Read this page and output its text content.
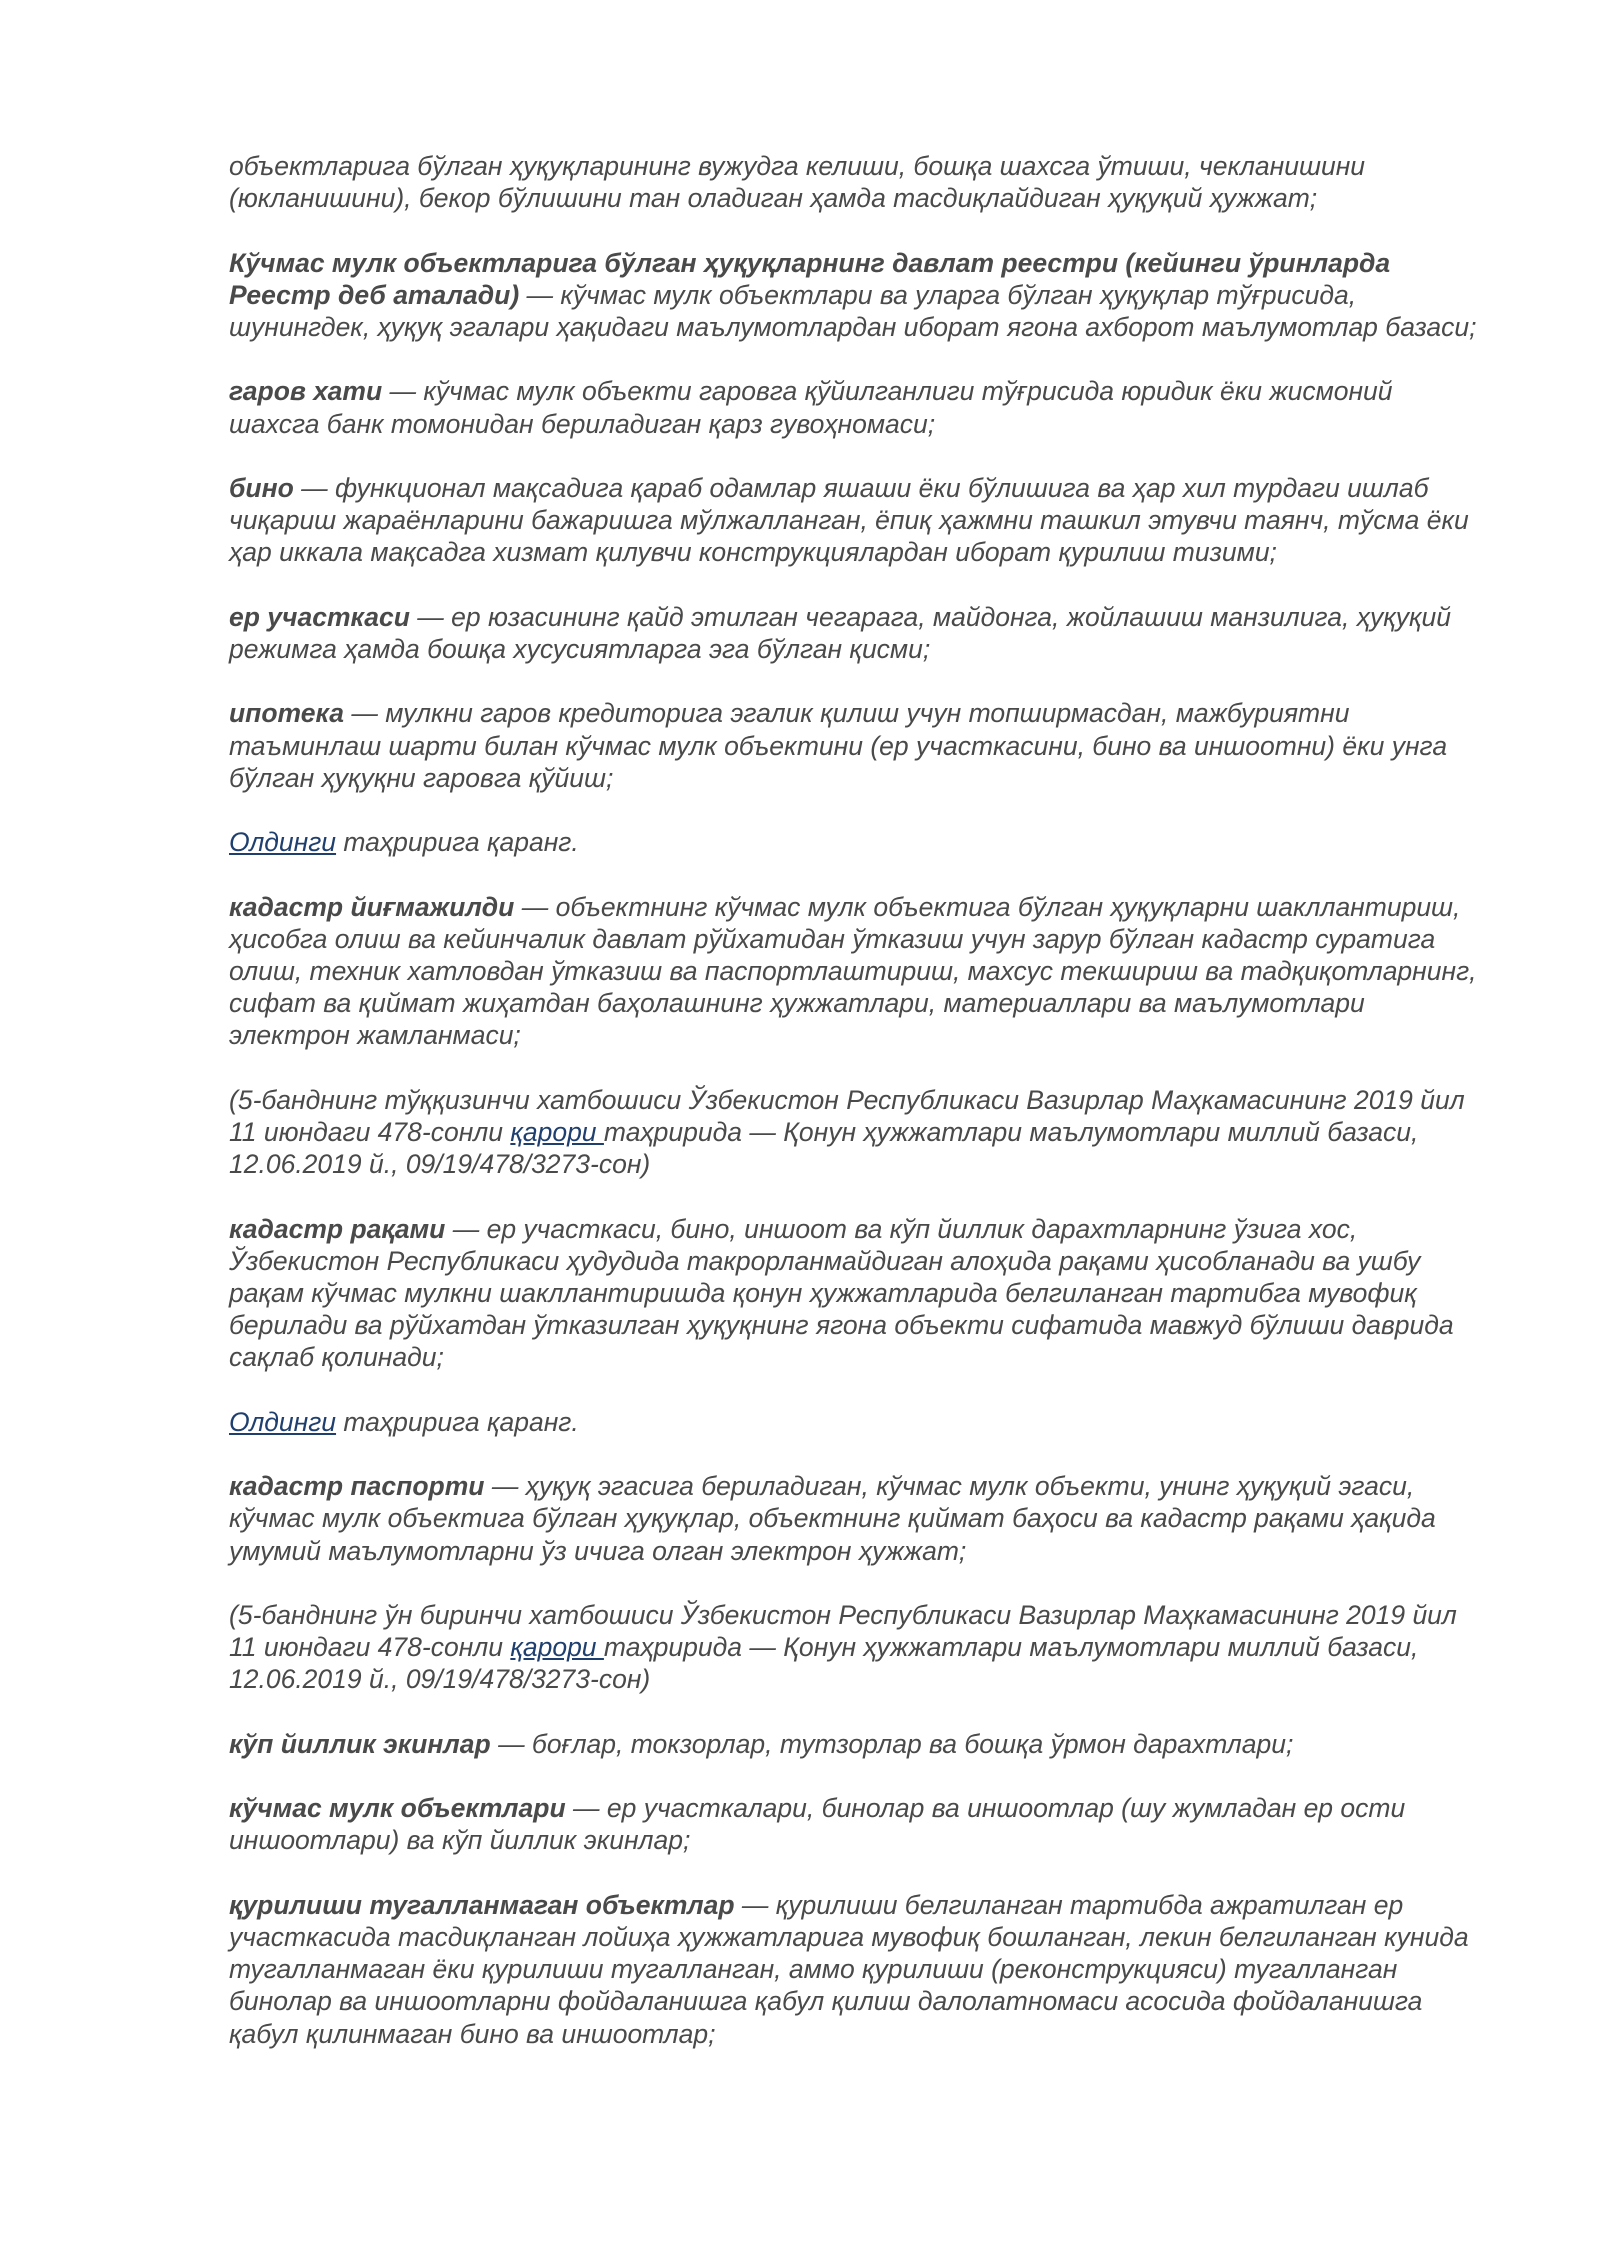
объектларига бўлган ҳуқуқларининг вужудга келиши, бошқа шахсга ўтиши, чекланишини (юкланишини), бекор бўлишини тан оладиган ҳамда тасдиқлайдиган ҳуқуқий ҳужжат;

Кўчмас мулк объектларига бўлган ҳуқуқларнинг давлат реестри (кейинги ўринларда Реестр деб аталади) — кўчмас мулк объектлари ва уларга бўлган ҳуқуқлар тўғрисида, шунингдек, ҳуқуқ эгалари ҳақидаги маълумотлардан иборат ягона ахборот маълумотлар базаси;

гаров хати — кўчмас мулк объекти гаровга қўйилганлиги тўғрисида юридик ёки жисмоний шахсга банк томонидан бериладиган қарз гувоҳномаси;

бино — функционал мақсадига қараб одамлар яшаши ёки бўлишига ва ҳар хил турдаги ишлаб чиқариш жараёнларини бажаришга мўлжалланган, ёпиқ ҳажмни ташкил этувчи таянч, тўсма ёки ҳар иккала мақсадга хизмат қилувчи конструкциялардан иборат қурилиш тизими;

ер участкаси — ер юзасининг қайд этилган чегарага, майдонга, жойлашиш манзилига, ҳуқуқий режимга ҳамда бошқа хусусиятларга эга бўлган қисми;

ипотека — мулкни гаров кредиторига эгалик қилиш учун топширмасдан, мажбуриятни таъминлаш шарти билан кўчмас мулк объектини (ер участкасини, бино ва иншоотни) ёки унга бўлган ҳуқуқни гаровга қўйиш;

Олдинги таҳририга қаранг.

кадастр йиғмажилди — объектнинг кўчмас мулк объектига бўлган ҳуқуқларни шакллантириш, ҳисобга олиш ва кейинчалик давлат рўйхатидан ўтказиш учун зарур бўлган кадастр суратига олиш, техник хатловдан ўтказиш ва паспортлаштириш, махсус текшириш ва тадқиқотларнинг, сифат ва қиймат жиҳатдан баҳолашнинг ҳужжатлари, материаллари ва маълумотлари электрон жамланмаси;

(5-банднинг тўққизинчи хатбошиси Ўзбекистон Республикаси Вазирлар Маҳкамасининг 2019 йил 11 июндаги 478-сонли қарори таҳририда — Қонун ҳужжатлари маълумотлари миллий базаси, 12.06.2019 й., 09/19/478/3273-сон)

кадастр рақами — ер участкаси, бино, иншоот ва кўп йиллик дарахтларнинг ўзига хос, Ўзбекистон Республикаси ҳудудида такрорланмайдиган алоҳида рақами ҳисобланади ва ушбу рақам кўчмас мулкни шакллантиришда қонун ҳужжатларида белгиланган тартибга мувофиқ берилади ва рўйхатдан ўтказилган ҳуқуқнинг ягона объекти сифатида мавжуд бўлиши даврида сақлаб қолинади;

Олдинги таҳририга қаранг.

кадастр паспорти — ҳуқуқ эгасига бериладиган, кўчмас мулк объекти, унинг ҳуқуқий эгаси, кўчмас мулк объектига бўлган ҳуқуқлар, объектнинг қиймат баҳоси ва кадастр рақами ҳақида умумий маълумотларни ўз ичига олган электрон ҳужжат;

(5-банднинг ўн биринчи хатбошиси Ўзбекистон Республикаси Вазирлар Маҳкамасининг 2019 йил 11 июндаги 478-сонли қарори таҳририда — Қонун ҳужжатлари маълумотлари миллий базаси, 12.06.2019 й., 09/19/478/3273-сон)

кўп йиллик экинлар — боғлар, токзорлар, тутзорлар ва бошқа ўрмон дарахтлари;

кўчмас мулк объектлари — ер участкалари, бинолар ва иншоотлар (шу жумладан ер ости иншоотлари) ва кўп йиллик экинлар;

қурилиши тугалланмаган объектлар — қурилиши белгиланган тартибда ажратилган ер участкасида тасдиқланган лойиҳа ҳужжатларига мувофиқ бошланган, лекин белгиланган кунида тугалланмаган ёки қурилиши тугалланган, аммо қурилиши (реконструкцияси) тугалланган бинолар ва иншоотларни фойдаланишга қабул қилиш далолатномаси асосида фойдаланишга қабул қилинмаган бино ва иншоотлар;
